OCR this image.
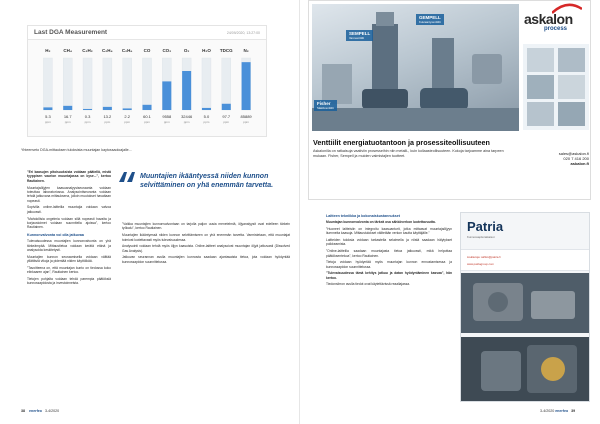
Last DGA Measurement	24/09/2020, 13:27:00
H₂
5.3
ppm
CH₄
16.7
ppm
C₂H₂
0.3
ppm
C₂H₄
13.2
ppm
C₂H₆
2.2
ppm
CO
60.1
ppm
CO₂
9558
ppm
O₂
32446
ppm
H₂O
5.0
ppm
TDCG
97.7
ppm
N₂
85889
ppm
Yhteenveto DGA-mittauksen tuloksista muuntajan kaytossaoloajalle...

"Eri kaasujen pitoisuuksista voidaan päätellä, mistä tyyppisen vaurion muuntajassa on kyse...", kertoo Rautiainen.

Muuntajaöljyjen kaasuanalyysiseuraanta voidaan toteuttaa laboratoriossa. Analysointiseuranta voidaan tehdä jatkuvana mittauksena, jolloin muutokset havaitaan nopeasti.

Sopivilla online-laitteilla muuntajia voidaan valvoa jatkuvasti.

"Mahdollisia ongelmia voidaan sillä nopeasti havaita ja korjaustoimet voidaan suunnitella ajoissa", kertoo Rautiainen.

Kunnonvalvonta voi olla jatkuvaa

Tulevaisuudessa muuntajien kunnonvalvonta on yhä tärkeämpää. Mittaustietoa voidaan kerätä etänä ja analysoida keskitetysti.

Muuntajien kunnon seuraamisella voidaan välttää yllättäviä vikoja ja pidentää niiden käyttöikää.

"Tavoitteena on, että muuntajan kunto on tiedossa koko elinkaaren ajan", Rautiainen kertoo.

Tietojen pohjalta voidaan tehdä parempia päätöksiä kunnossapidosta ja investoinneista.

Muuntajien ikääntyessä niiden kunnon selvittäminen on yhä enemmän tarvetta.

"Vaikka muuntajien kunnonvalvontaan on tarjolla paljon uusia menetelmiä, öljyanalyysit ovat edelleen tärkein työkalu", kertoo Rautiainen.

Muuntajien ikääntyessä niiden kunnon selvittämiseen on yhä enemmän tarvetta. Varmistetaan, että muuntajat toimivat luotettavasti myös tulevaisuudessa.

Analysointi voidaan tehdä myös öljyn kaasuista. Online-laitteet analysoivat muuntajan öljyä jatkuvasti (Dissolved Gas Analysis).

Jatkuvan seurannan avulla muuntajien kunnosta saadaan ajantasaista tietoa, jota voidaan hyödyntää kunnossapidon suunnittelussa.

38 enerfeo 3-4/2020
GEMPELL
Kuivaantyventtiilit
SEMPELL
Varoventtiilit
Fisher
Säätöventtiilit
askalon
process
Venttiilit energiatuotantoon ja prosessiteollisuuteen
Askalonilla on ratkaisuja vaativiin prosesseihin niin metalli-, kuin kollaasteollisuuteen. Kokoja tarjoamme aina tarpeen mukaan. Fisher, Sempell ja muiden valmistajien tuotteet.	sales@askalon.fi
020 7 416 200
askalon.fi

Laitteen tekniikka ja kokonaiskustannukset

Muuntajan kunnonvalvonta on tärkeä osa sähköverkon luotettavuutta.

"Huoneet laitteisiin on integroitu kaasuanturit, jotka mittaavat muuntajaöljyyn liuenneita kaasuja. Mittaustulokset välitetään verkon kautta käyttäjälle."

Laitteiden tuloksia voidaan tarkastella selaimella ja niistä saadaan hälytykset poikkeamista.

"Online-laitteilla saadaan muuntajasta tietoa jatkuvasti, mikä helpottaa päätöksentekoa", kertoo Rautiainen.

Tietoja voidaan hyödyntää myös muuntajan kunnon ennustamisessa ja kunnossapidon suunnittelussa.

"Tulevaisuudessa tämä kehitys jatkuu ja datan hyödyntäminen kasvaa", hän kertoo.

Tiedonsiirron avulla tiedot ovat käytettävissä reaaliajassa.

Patria
Kunnossapitoratkaisut
Lisätietoja: sähkö@patria.fi
www.patriagroup.com
3-4/2020 enerfeo 39
